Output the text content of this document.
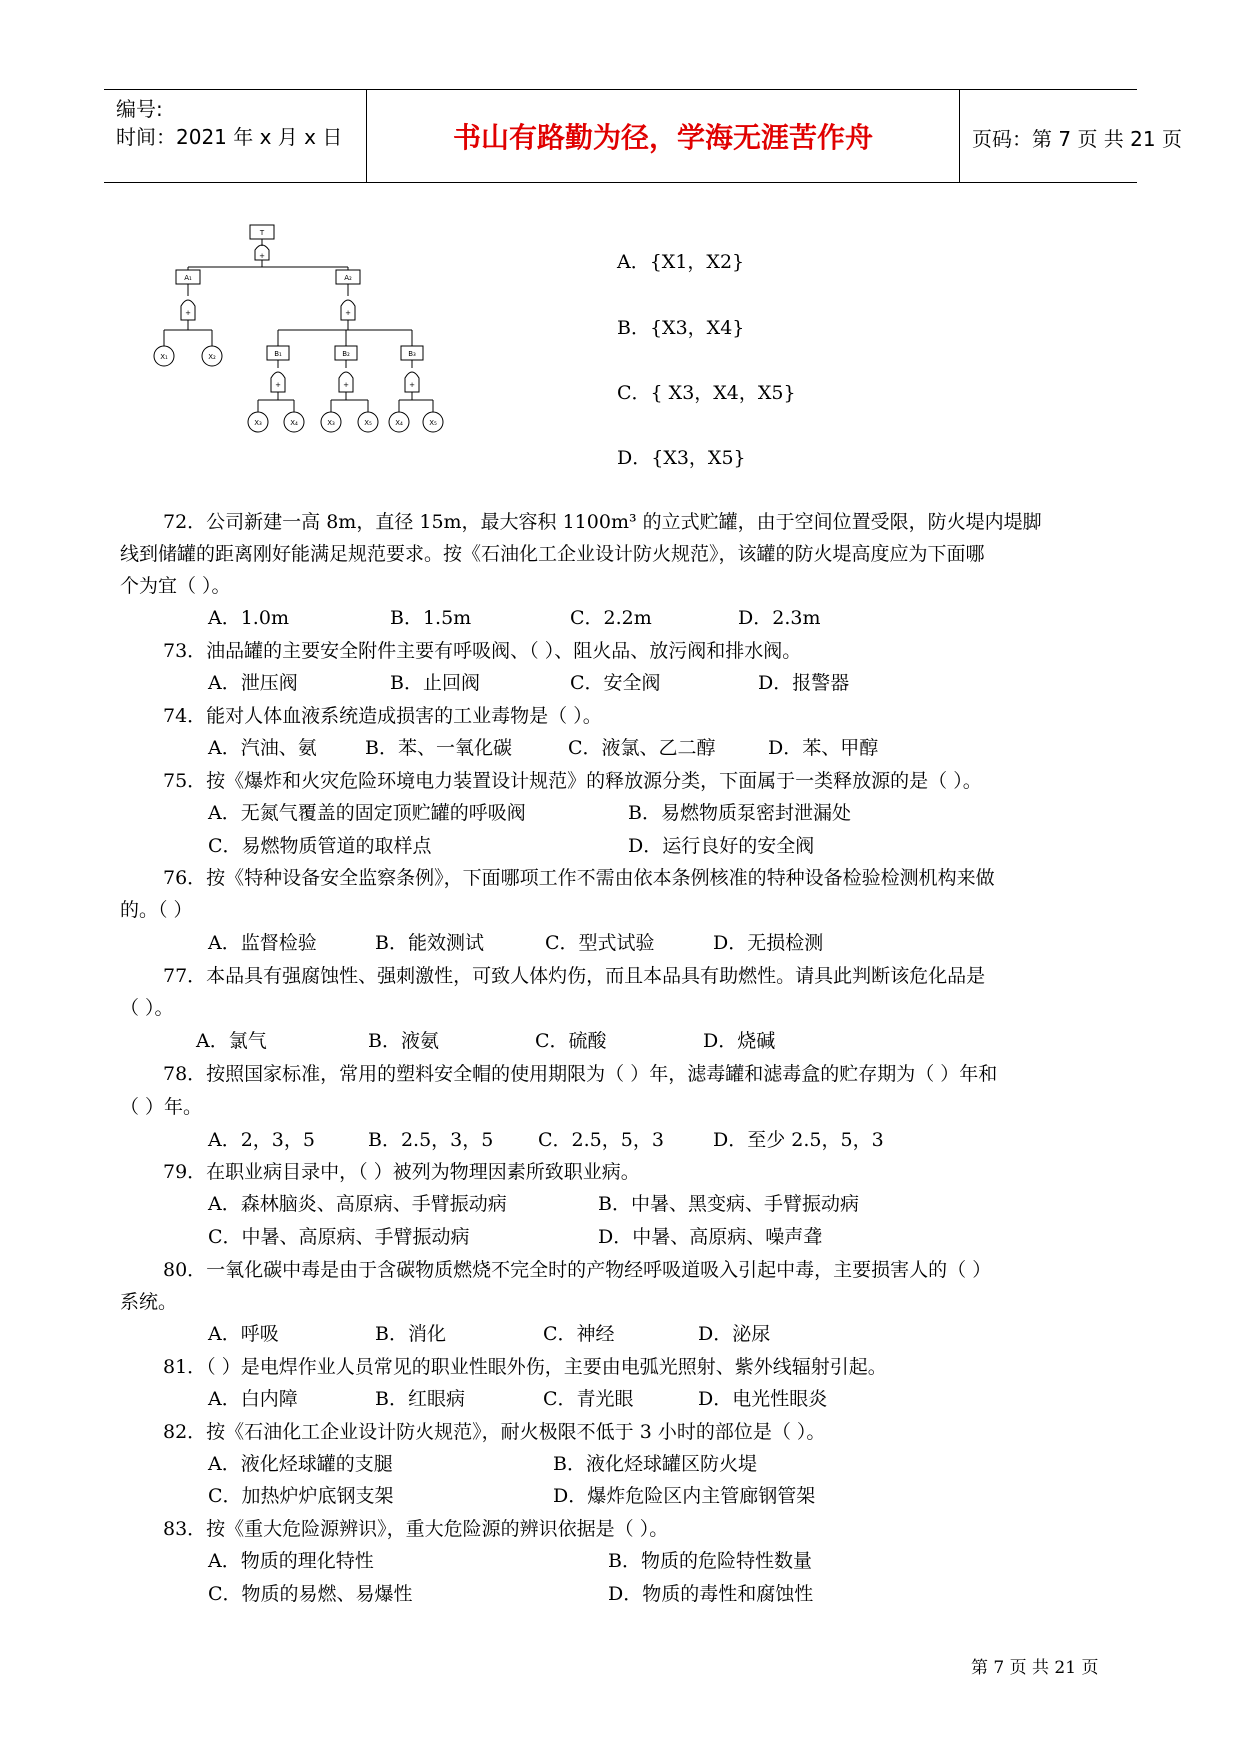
编号:
时间：2021 年 x 月 x 日	书山有路勤为径，学海无涯苦作舟	页码：第 7 页 共 21 页
T
+
A₁
+
X₁	X₂
A₂
+
B₁
+
B₂
+
B₃
+
X₃	X₄	X₃	X₅	X₄	X₅
A．{X1，X2}
B．{X3，X4}
C．{ X3，X4，X5}
D．{X3，X5}
72．公司新建一高 8m，直径 15m，最大容积 1100m³ 的立式贮罐，由于空间位置受限，防火堤内堤脚
线到储罐的距离刚好能满足规范要求。按《石油化工企业设计防火规范》，该罐的防火堤高度应为下面哪
个为宜（ ）。
A．1.0m	B．1.5m	C．2.2m	D．2.3m
73．油品罐的主要安全附件主要有呼吸阀、（ ）、阻火品、放污阀和排水阀。
A．泄压阀	B．止回阀	C．安全阀	D．报警器
74．能对人体血液系统造成损害的工业毒物是（ ）。
A．汽油、氨	B．苯、一氧化碳	C．液氯、乙二醇	D．苯、甲醇
75．按《爆炸和火灾危险环境电力装置设计规范》的释放源分类，下面属于一类释放源的是（ ）。
A．无氮气覆盖的固定顶贮罐的呼吸阀	B．易燃物质泵密封泄漏处
C．易燃物质管道的取样点	D．运行良好的安全阀
76．按《特种设备安全监察条例》，下面哪项工作不需由依本条例核准的特种设备检验检测机构来做
的。（ ）
A．监督检验	B．能效测试	C．型式试验	D．无损检测
77．本品具有强腐蚀性、强刺激性，可致人体灼伤，而且本品具有助燃性。请具此判断该危化品是
（ ）。
A．氯气	B．液氨	C．硫酸	D．烧碱
78．按照国家标准，常用的塑料安全帽的使用期限为（ ）年，滤毒罐和滤毒盒的贮存期为（ ）年和
（ ）年。
A．2，3，5	B．2.5，3，5 C．2.5，5，3	D．至少 2.5，5，3
79．在职业病目录中，（ ）被列为物理因素所致职业病。
A．森林脑炎、高原病、手臂振动病	B．中暑、黑变病、手臂振动病
C．中暑、高原病、手臂振动病	D．中暑、高原病、噪声聋
80．一氧化碳中毒是由于含碳物质燃烧不完全时的产物经呼吸道吸入引起中毒，主要损害人的（ ）
系统。
A．呼吸	B．消化	C．神经	D．泌尿
81．（ ）是电焊作业人员常见的职业性眼外伤，主要由电弧光照射、紫外线辐射引起。
A．白内障	B．红眼病	C．青光眼	D．电光性眼炎
82．按《石油化工企业设计防火规范》，耐火极限不低于 3 小时的部位是（ ）。
A．液化烃球罐的支腿	B．液化烃球罐区防火堤
C．加热炉炉底钢支架	D．爆炸危险区内主管廊钢管架
83．按《重大危险源辨识》，重大危险源的辨识依据是（ ）。
A．物质的理化特性	B．物质的危险特性数量
C．物质的易燃、易爆性	D．物质的毒性和腐蚀性
第 7 页 共 21 页
